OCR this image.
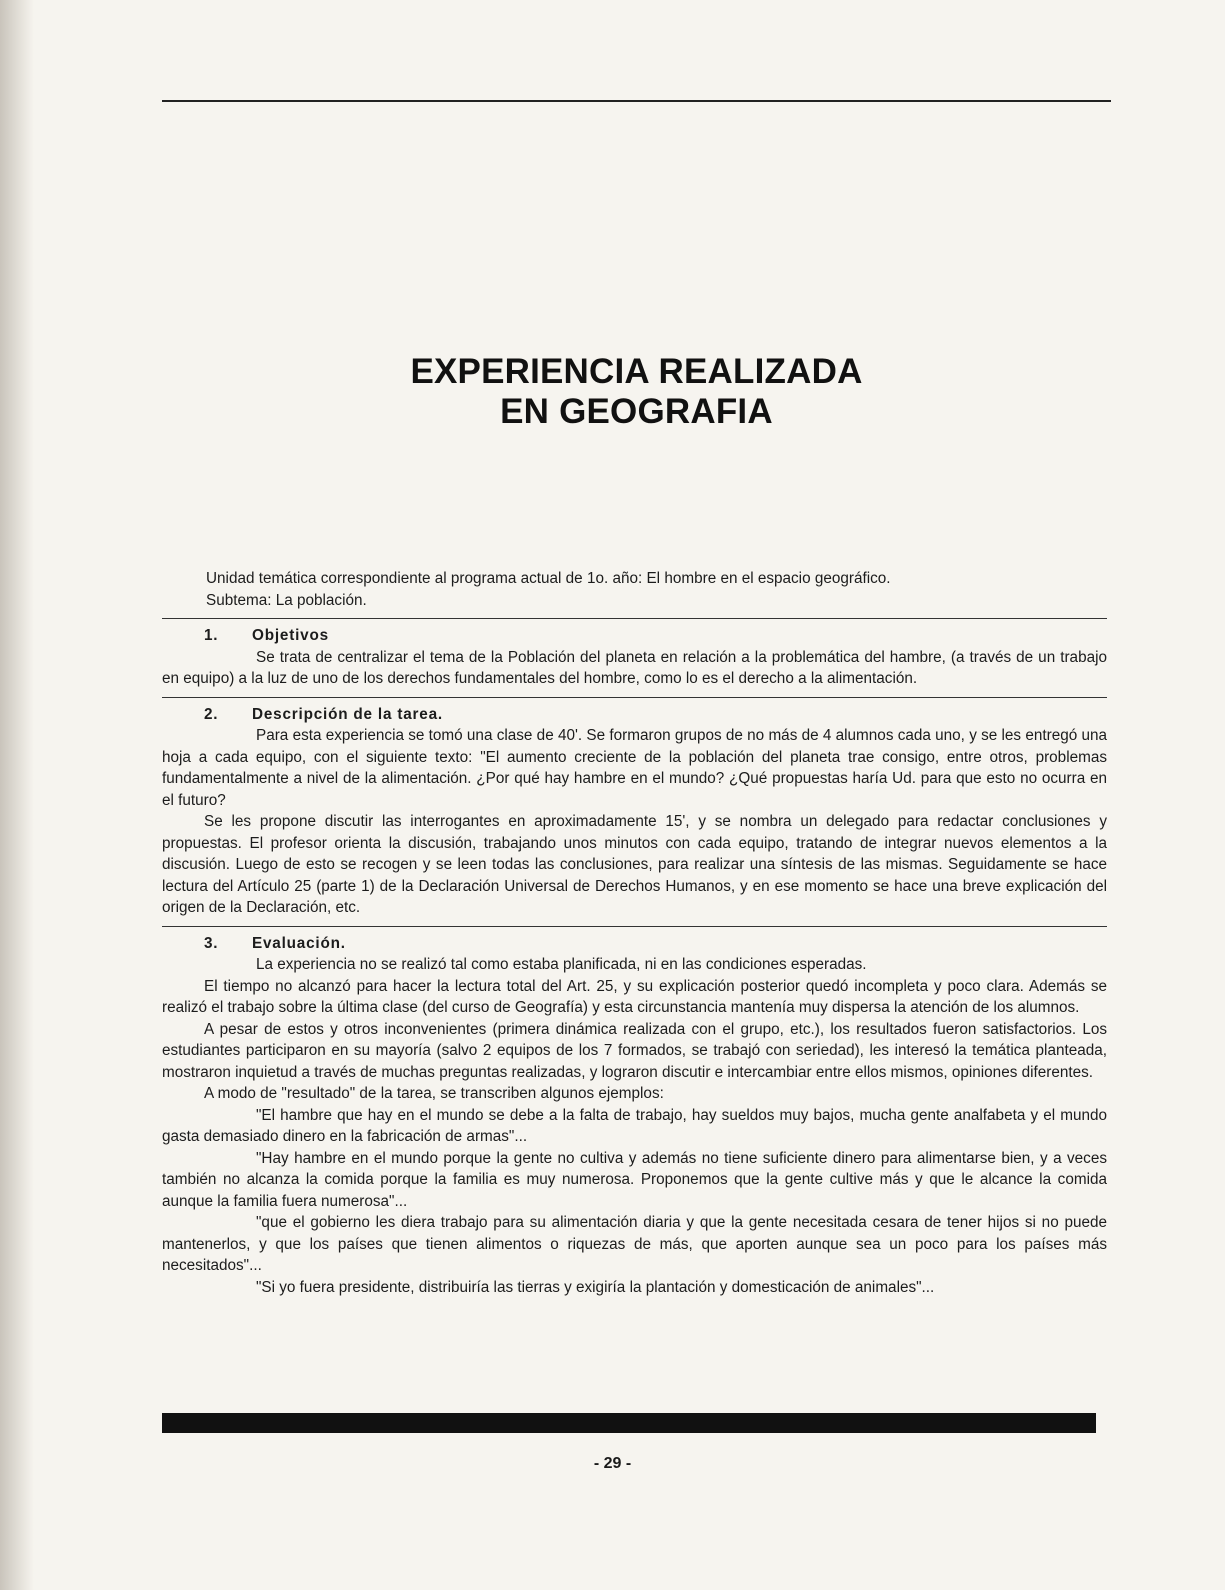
EXPERIENCIA REALIZADA
EN GEOGRAFIA
Unidad temática correspondiente al programa actual de 1o. año: El hombre en el espacio geográfico.
Subtema: La población.
1. Objetivos

Se trata de centralizar el tema de la Población del planeta en relación a la problemática del hambre, (a través de un trabajo en equipo) a la luz de uno de los derechos fundamentales del hombre, como lo es el derecho a la alimentación.

2. Descripción de la tarea.

Para esta experiencia se tomó una clase de 40'. Se formaron grupos de no más de 4 alumnos cada uno, y se les entregó una hoja a cada equipo, con el siguiente texto: "El aumento creciente de la población del planeta trae consigo, entre otros, problemas fundamentalmente a nivel de la alimentación. ¿Por qué hay hambre en el mundo? ¿Qué propuestas haría Ud. para que esto no ocurra en el futuro?

Se les propone discutir las interrogantes en aproximadamente 15', y se nombra un delegado para redactar conclusiones y propuestas. El profesor orienta la discusión, trabajando unos minutos con cada equipo, tratando de integrar nuevos elementos a la discusión. Luego de esto se recogen y se leen todas las conclusiones, para realizar una síntesis de las mismas. Seguidamente se hace lectura del Artículo 25 (parte 1) de la Declaración Universal de Derechos Humanos, y en ese momento se hace una breve explicación del origen de la Declaración, etc.

3. Evaluación.

La experiencia no se realizó tal como estaba planificada, ni en las condiciones esperadas.

El tiempo no alcanzó para hacer la lectura total del Art. 25, y su explicación posterior quedó incompleta y poco clara. Además se realizó el trabajo sobre la última clase (del curso de Geografía) y esta circunstancia mantenía muy dispersa la atención de los alumnos.

A pesar de estos y otros inconvenientes (primera dinámica realizada con el grupo, etc.), los resultados fueron satisfactorios. Los estudiantes participaron en su mayoría (salvo 2 equipos de los 7 formados, se trabajó con seriedad), les interesó la temática planteada, mostraron inquietud a través de muchas preguntas realizadas, y lograron discutir e intercambiar entre ellos mismos, opiniones diferentes.

A modo de "resultado" de la tarea, se transcriben algunos ejemplos:

"El hambre que hay en el mundo se debe a la falta de trabajo, hay sueldos muy bajos, mucha gente analfabeta y el mundo gasta demasiado dinero en la fabricación de armas"...

"Hay hambre en el mundo porque la gente no cultiva y además no tiene suficiente dinero para alimentarse bien, y a veces también no alcanza la comida porque la familia es muy numerosa. Proponemos que la gente cultive más y que le alcance la comida aunque la familia fuera numerosa"...

"que el gobierno les diera trabajo para su alimentación diaria y que la gente necesitada cesara de tener hijos si no puede mantenerlos, y que los países que tienen alimentos o riquezas de más, que aporten aunque sea un poco para los países más necesitados"...

"Si yo fuera presidente, distribuiría las tierras y exigiría la plantación y domesticación de animales"...

- 29 -
